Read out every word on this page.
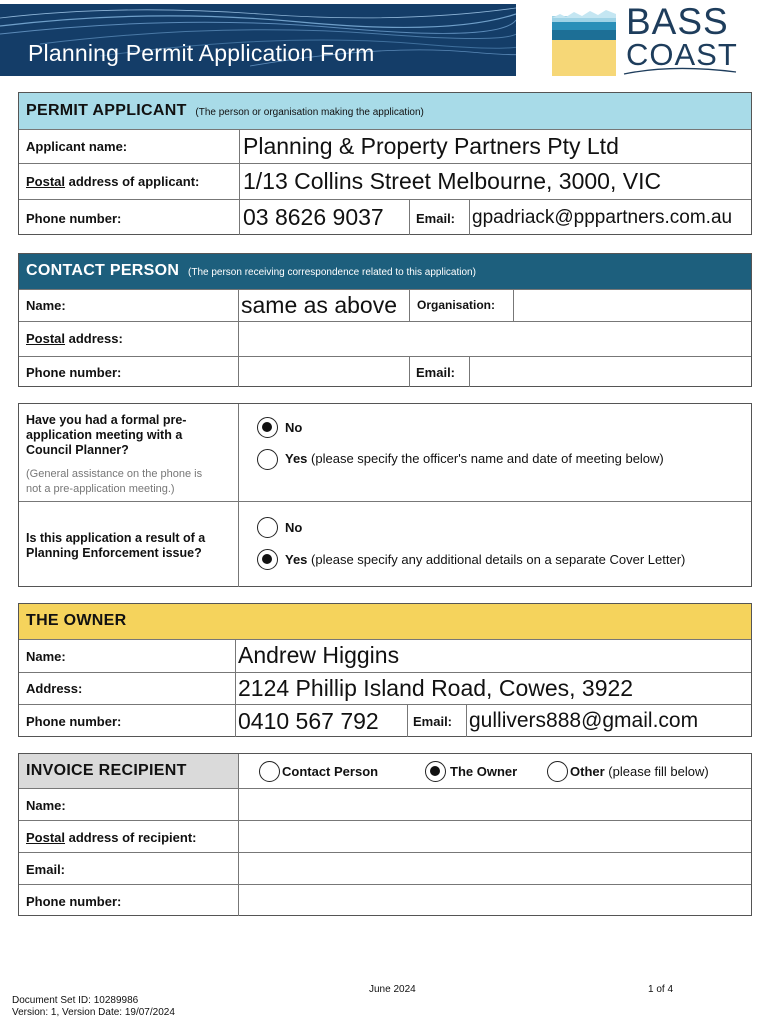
Planning Permit Application Form
BASS
COAST
PERMIT APPLICANT (The person or organisation making the application)
Applicant name:	Planning & Property Partners Pty Ltd
Postal address of applicant: 1/13 Collins Street Melbourne, 3000, VIC
Phone number:	03 8626 9037 Email: gpadriack@pppartners.com.au
CONTACT PERSON (The person receiving correspondence related to this application)
Name:	same as above Organisation:
Postal address:
Phone number:	Email:
Have you had a formal pre-
application meeting with a
Council Planner?
(General assistance on the phone is
not a pre-application meeting.)
No
Yes (please specify the officer's name and date of meeting below)
Is this application a result of a
Planning Enforcement issue?
No
Yes (please specify any additional details on a separate Cover Letter)
THE OWNER
Name:	Andrew Higgins
Address:	2124 Phillip Island Road, Cowes, 3922
Phone number:	0410 567 792	Email: gullivers888@gmail.com
INVOICE RECIPIENT	Contact Person	The Owner	Other (please fill below)
Name:
Postal address of recipient:
Email:
Phone number:
June 2024	1 of 4
Document Set ID: 10289986
Version: 1, Version Date: 19/07/2024
